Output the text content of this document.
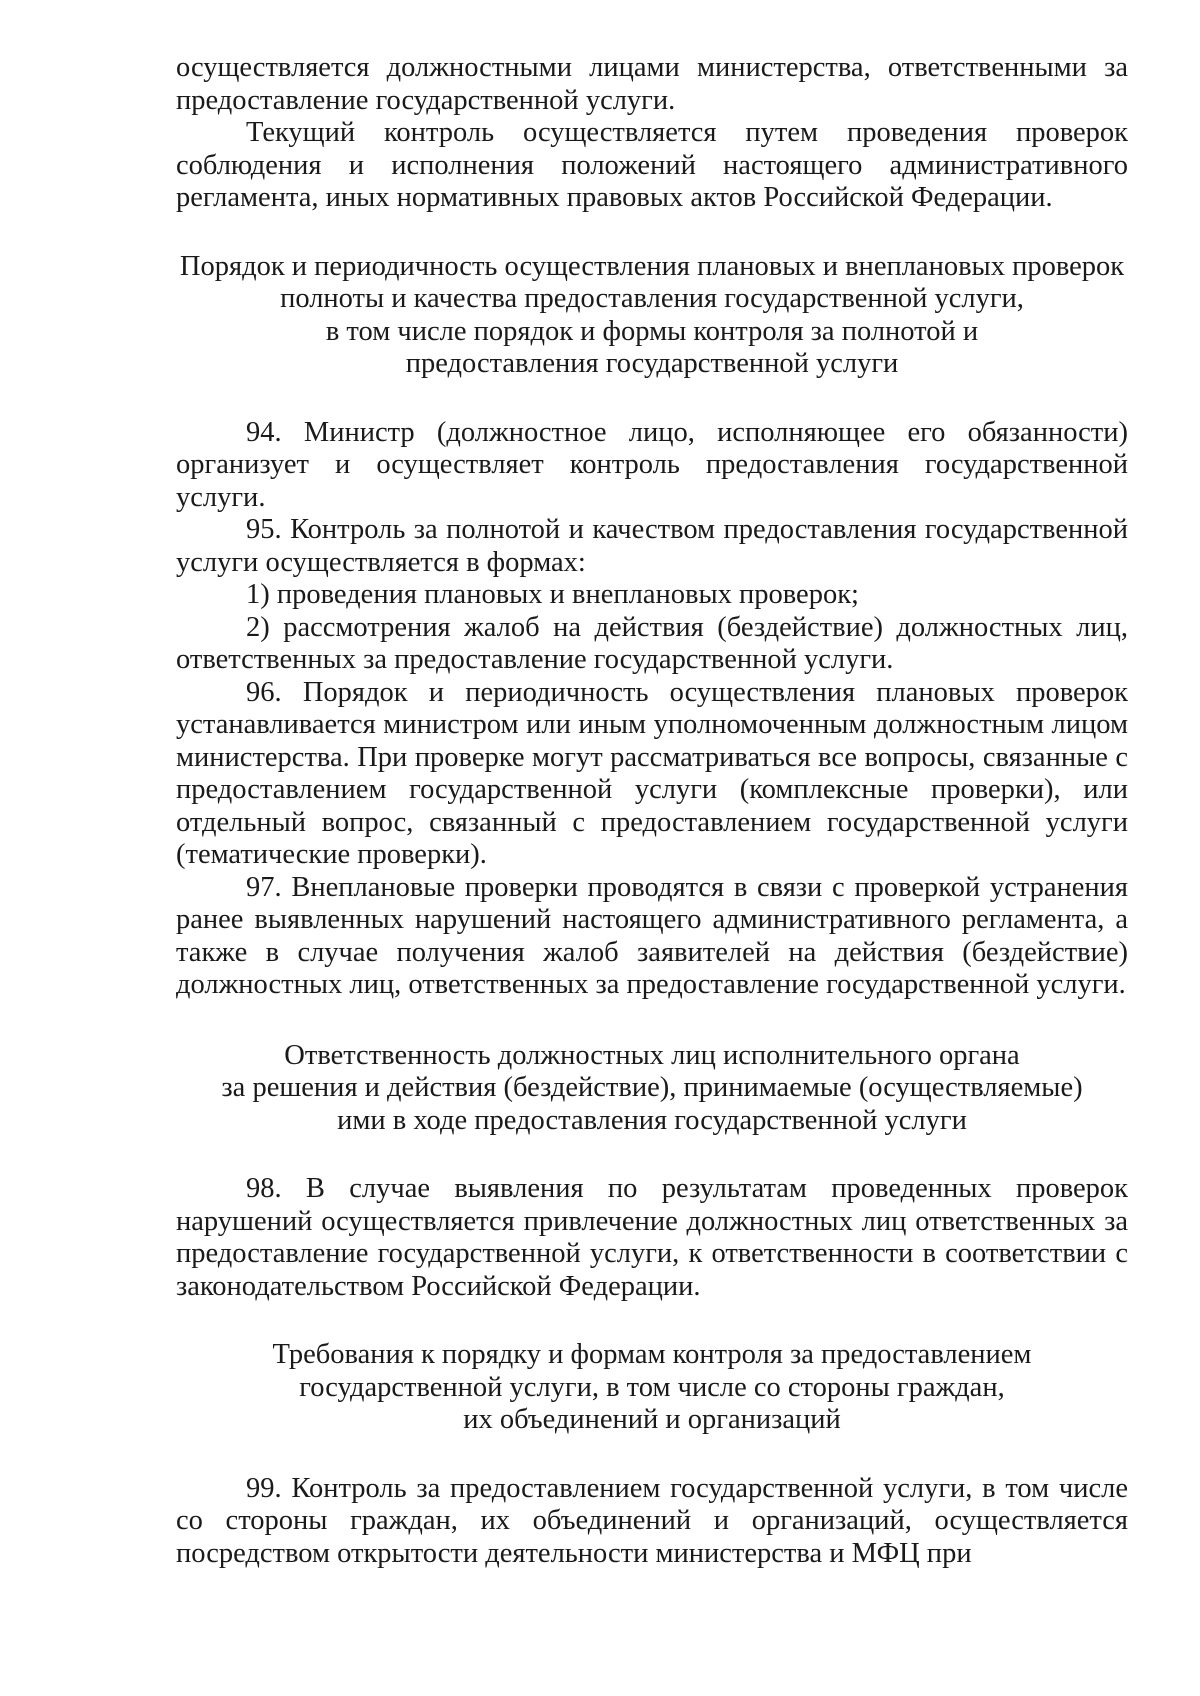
осуществляется должностными лицами министерства, ответственными за предоставление государственной услуги.

Текущий контроль осуществляется путем проведения проверок соблюдения и исполнения положений настоящего административного регламента, иных нормативных правовых актов Российской Федерации.

Порядок и периодичность осуществления плановых и внеплановых проверок
полноты и качества предоставления государственной услуги,
в том числе порядок и формы контроля за полнотой и
предоставления государственной услуги

94. Министр (должностное лицо, исполняющее его обязанности) организует и осуществляет контроль предоставления государственной услуги.

95. Контроль за полнотой и качеством предоставления государственной услуги осуществляется в формах:

1) проведения плановых и внеплановых проверок;

2) рассмотрения жалоб на действия (бездействие) должностных лиц, ответственных за предоставление государственной услуги.

96. Порядок и периодичность осуществления плановых проверок устанавливается министром или иным уполномоченным должностным лицом министерства. При проверке могут рассматриваться все вопросы, связанные с предоставлением государственной услуги (комплексные проверки), или отдельный вопрос, связанный с предоставлением государственной услуги (тематические проверки).

97. Внеплановые проверки проводятся в связи с проверкой устранения ранее выявленных нарушений настоящего административного регламента, а также в случае получения жалоб заявителей на действия (бездействие) должностных лиц, ответственных за предоставление государственной услуги.

Ответственность должностных лиц исполнительного органа
за решения и действия (бездействие), принимаемые (осуществляемые)
ими в ходе предоставления государственной услуги

98. В случае выявления по результатам проведенных проверок нарушений осуществляется привлечение должностных лиц ответственных за предоставление государственной услуги, к ответственности в соответствии с законодательством Российской Федерации.

Требования к порядку и формам контроля за предоставлением
государственной услуги, в том числе со стороны граждан,
их объединений и организаций

99. Контроль за предоставлением государственной услуги, в том числе со стороны граждан, их объединений и организаций, осуществляется посредством открытости деятельности министерства и МФЦ при
